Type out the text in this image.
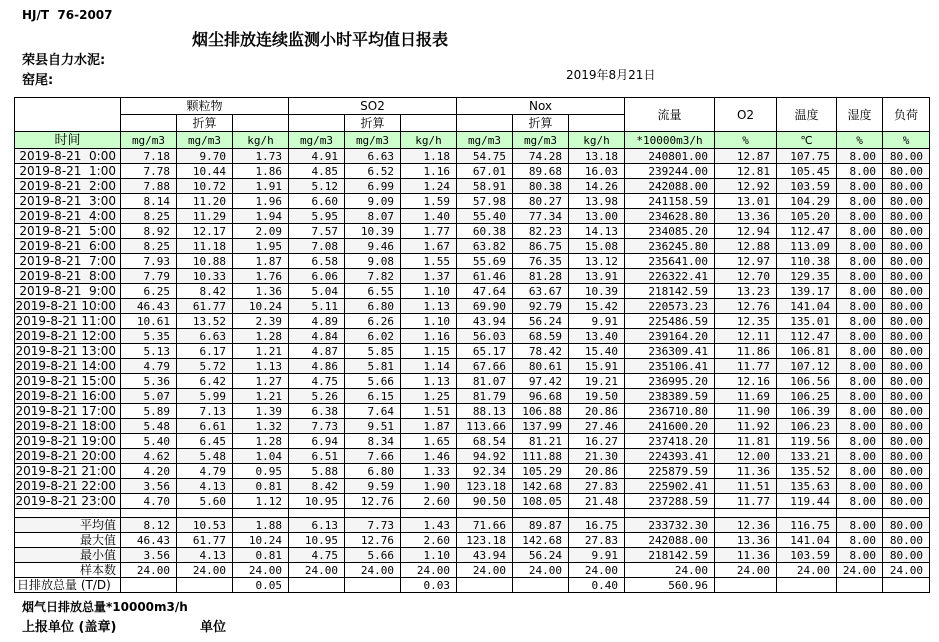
HJ/T  76-2007
烟尘排放连续监测小时平均值日报表
荣县自力水泥:
窑尾:	2019年8月21日
	颗粒物			SO2			Nox			流量	O2	温度	湿度	负荷
		折算			折算			折算						
时间	mg/m3	mg/m3	kg/h	mg/m3	mg/m3	kg/h	mg/m3	mg/m3	kg/h	*10000m3/h	%	℃	%	%
2019-8-21  0:00	7.18	9.70	1.73	4.91	6.63	1.18	54.75	74.28	13.18	240801.00	12.87	107.75	8.00	80.00
2019-8-21  1:00	7.78	10.44	1.86	4.85	6.52	1.16	67.01	89.68	16.03	239244.00	12.81	105.45	8.00	80.00
2019-8-21  2:00	7.88	10.72	1.91	5.12	6.99	1.24	58.91	80.38	14.26	242088.00	12.92	103.59	8.00	80.00
2019-8-21  3:00	8.14	11.20	1.96	6.60	9.09	1.59	57.98	80.27	13.98	241158.59	13.01	104.29	8.00	80.00
2019-8-21  4:00	8.25	11.29	1.94	5.95	8.07	1.40	55.40	77.34	13.00	234628.80	13.36	105.20	8.00	80.00
2019-8-21  5:00	8.92	12.17	2.09	7.57	10.39	1.77	60.38	82.23	14.13	234085.20	12.94	112.47	8.00	80.00
2019-8-21  6:00	8.25	11.18	1.95	7.08	9.46	1.67	63.82	86.75	15.08	236245.80	12.88	113.09	8.00	80.00
2019-8-21  7:00	7.93	10.88	1.87	6.58	9.08	1.55	55.69	76.35	13.12	235641.00	12.97	110.38	8.00	80.00
2019-8-21  8:00	7.79	10.33	1.76	6.06	7.82	1.37	61.46	81.28	13.91	226322.41	12.70	129.35	8.00	80.00
2019-8-21  9:00	6.25	8.42	1.36	5.04	6.55	1.10	47.64	63.67	10.39	218142.59	13.23	139.17	8.00	80.00
2019-8-21 10:00	46.43	61.77	10.24	5.11	6.80	1.13	69.90	92.79	15.42	220573.23	12.76	141.04	8.00	80.00
2019-8-21 11:00	10.61	13.52	2.39	4.89	6.26	1.10	43.94	56.24	9.91	225486.59	12.35	135.01	8.00	80.00
2019-8-21 12:00	5.35	6.63	1.28	4.84	6.02	1.16	56.03	68.59	13.40	239164.20	12.11	112.47	8.00	80.00
2019-8-21 13:00	5.13	6.17	1.21	4.87	5.85	1.15	65.17	78.42	15.40	236309.41	11.86	106.81	8.00	80.00
2019-8-21 14:00	4.79	5.72	1.13	4.86	5.81	1.14	67.66	80.61	15.91	235106.41	11.77	107.12	8.00	80.00
2019-8-21 15:00	5.36	6.42	1.27	4.75	5.66	1.13	81.07	97.42	19.21	236995.20	12.16	106.56	8.00	80.00
2019-8-21 16:00	5.07	5.99	1.21	5.26	6.15	1.25	81.79	96.68	19.50	238389.59	11.69	106.25	8.00	80.00
2019-8-21 17:00	5.89	7.13	1.39	6.38	7.64	1.51	88.13	106.88	20.86	236710.80	11.90	106.39	8.00	80.00
2019-8-21 18:00	5.48	6.61	1.32	7.73	9.51	1.87	113.66	137.99	27.46	241600.20	11.92	106.23	8.00	80.00
2019-8-21 19:00	5.40	6.45	1.28	6.94	8.34	1.65	68.54	81.21	16.27	237418.20	11.81	119.56	8.00	80.00
2019-8-21 20:00	4.62	5.48	1.04	6.51	7.66	1.46	94.92	111.88	21.30	224393.41	12.00	133.21	8.00	80.00
2019-8-21 21:00	4.20	4.79	0.95	5.88	6.80	1.33	92.34	105.29	20.86	225879.59	11.36	135.52	8.00	80.00
2019-8-21 22:00	3.56	4.13	0.81	8.42	9.59	1.90	123.18	142.68	27.83	225902.41	11.51	135.63	8.00	80.00
2019-8-21 23:00	4.70	5.60	1.12	10.95	12.76	2.60	90.50	108.05	21.48	237288.59	11.77	119.44	8.00	80.00

平均值	8.12	10.53	1.88	6.13	7.73	1.43	71.66	89.87	16.75	233732.30	12.36	116.75	8.00	80.00
最大值	46.43	61.77	10.24	10.95	12.76	2.60	123.18	142.68	27.83	242088.00	13.36	141.04	8.00	80.00
最小值	3.56	4.13	0.81	4.75	5.66	1.10	43.94	56.24	9.91	218142.59	11.36	103.59	8.00	80.00
样本数	24.00	24.00	24.00	24.00	24.00	24.00	24.00	24.00	24.00	24.00	24.00	24.00	24.00	24.00
日排放总量 (T/D)			0.05			0.03			0.40	560.96				
烟气日排放总量*10000m3/h
上报单位 (盖章)	单位
